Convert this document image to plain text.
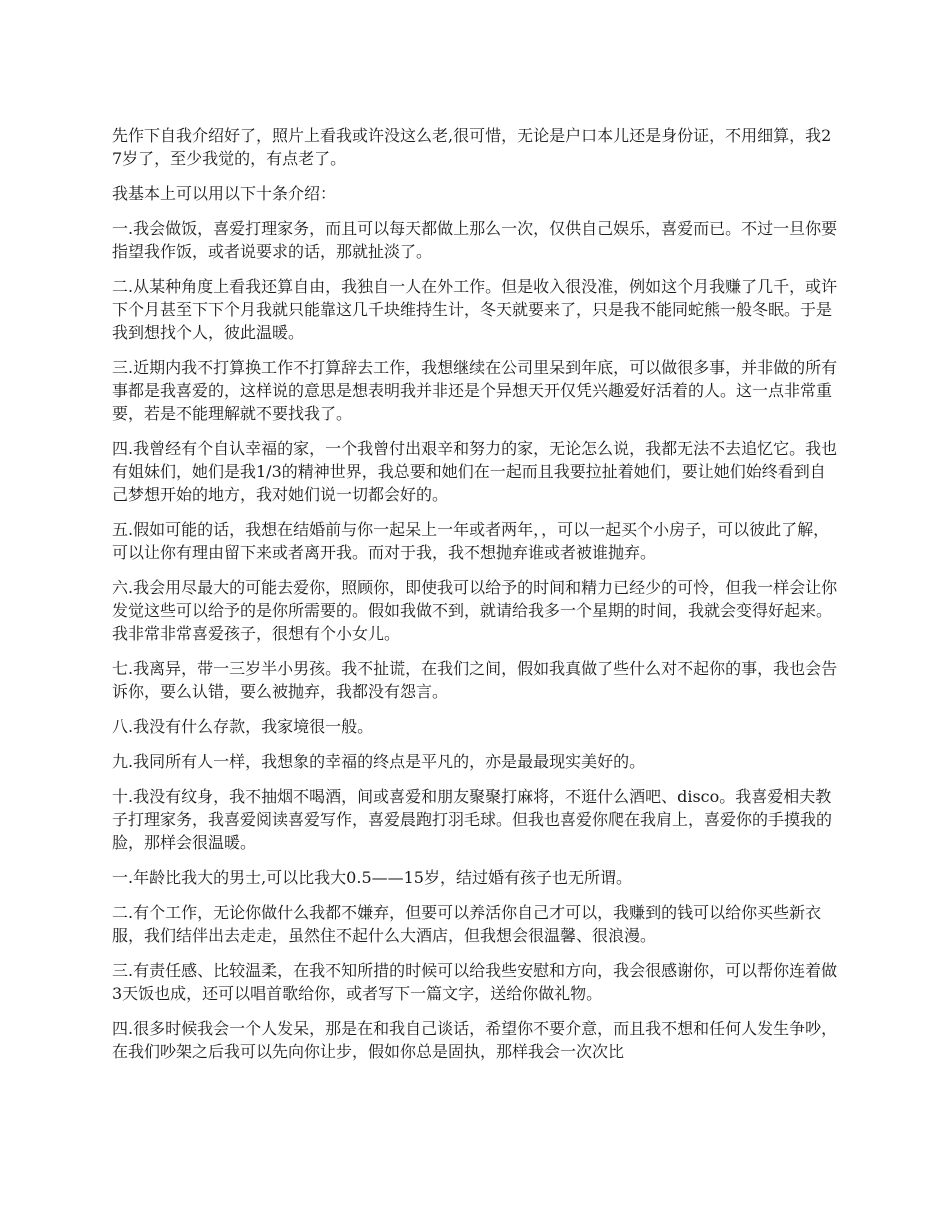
先作下自我介绍好了，照片上看我或许没这么老,很可惜，无论是户口本儿还是身份证，不用细算，我27岁了，至少我觉的，有点老了。

我基本上可以用以下十条介绍：

一.我会做饭，喜爱打理家务，而且可以每天都做上那么一次，仅供自己娱乐，喜爱而已。不过一旦你要指望我作饭，或者说要求的话，那就扯淡了。

二.从某种角度上看我还算自由，我独自一人在外工作。但是收入很没准，例如这个月我赚了几千，或许下个月甚至下下个月我就只能靠这几千块维持生计，冬天就要来了，只是我不能同蛇熊一般冬眠。于是我到想找个人，彼此温暖。

三.近期内我不打算换工作不打算辞去工作，我想继续在公司里呆到年底，可以做很多事，并非做的所有事都是我喜爱的，这样说的意思是想表明我并非还是个异想天开仅凭兴趣爱好活着的人。这一点非常重要，若是不能理解就不要找我了。

四.我曾经有个自认幸福的家，一个我曾付出艰辛和努力的家，无论怎么说，我都无法不去追忆它。我也有姐妹们，她们是我1/3的精神世界，我总要和她们在一起而且我要拉扯着她们，要让她们始终看到自己梦想开始的地方，我对她们说一切都会好的。

五.假如可能的话，我想在结婚前与你一起呆上一年或者两年，，可以一起买个小房子，可以彼此了解，可以让你有理由留下来或者离开我。而对于我，我不想抛弃谁或者被谁抛弃。

六.我会用尽最大的可能去爱你，照顾你，即使我可以给予的时间和精力已经少的可怜，但我一样会让你发觉这些可以给予的是你所需要的。假如我做不到，就请给我多一个星期的时间，我就会变得好起来。我非常非常喜爱孩子，很想有个小女儿。

七.我离异，带一三岁半小男孩。我不扯谎，在我们之间，假如我真做了些什么对不起你的事，我也会告诉你，要么认错，要么被抛弃，我都没有怨言。

八.我没有什么存款，我家境很一般。

九.我同所有人一样，我想象的幸福的终点是平凡的，亦是最最现实美好的。

十.我没有纹身，我不抽烟不喝酒，间或喜爱和朋友聚聚打麻将，不逛什么酒吧、disco。我喜爱相夫教子打理家务，我喜爱阅读喜爱写作，喜爱晨跑打羽毛球。但我也喜爱你爬在我肩上，喜爱你的手摸我的脸，那样会很温暖。

一.年龄比我大的男士,可以比我大0.5——15岁，结过婚有孩子也无所谓。

二.有个工作，无论你做什么我都不嫌弃，但要可以养活你自己才可以，我赚到的钱可以给你买些新衣服，我们结伴出去走走，虽然住不起什么大酒店，但我想会很温馨、很浪漫。

三.有责任感、比较温柔，在我不知所措的时候可以给我些安慰和方向，我会很感谢你，可以帮你连着做3天饭也成，还可以唱首歌给你，或者写下一篇文字，送给你做礼物。

四.很多时候我会一个人发呆，那是在和我自己谈话，希望你不要介意，而且我不想和任何人发生争吵，在我们吵架之后我可以先向你让步，假如你总是固执，那样我会一次次比
